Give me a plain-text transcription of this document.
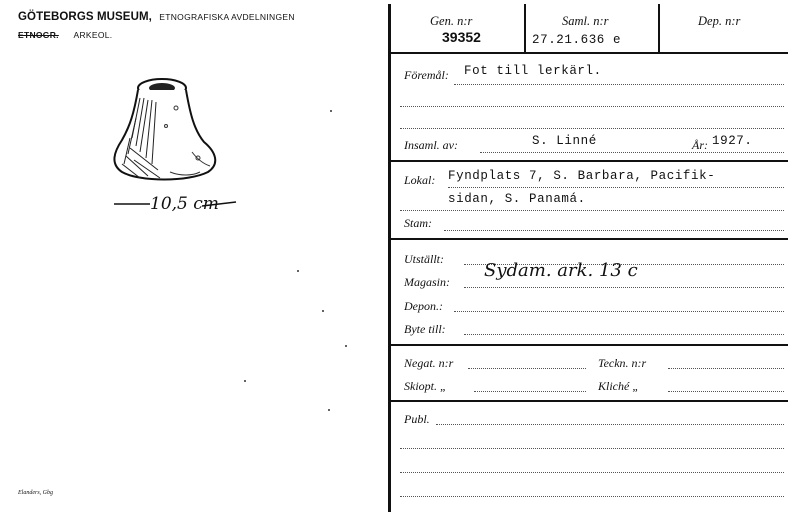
GÖTEBORGS MUSEUM, ETNOGRAFISKA AVDELNINGEN
ETNOGR. ARKEOL.
10,5 cm
Elanders, Gbg
Gen. n:r
39352
Saml. n:r
27.21.636 e
Dep. n:r
Föremål: Fot till lerkärl.
Insaml. av:	S. Linné	År: 1927.
Lokal: Fyndplats 7, S. Barbara, Pacifik-
sidan, S. Panamá.
Stam:
Utställt:
Magasin:
Sydam. ark. 13 c
Depon.:
Byte till:
Negat. n:r	Teckn. n:r
Skiopt. „	Kliché „
Publ.
